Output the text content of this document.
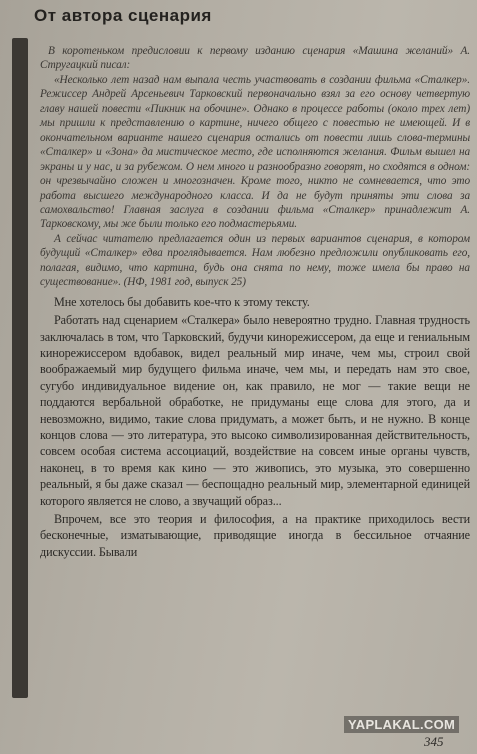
От автора сценария

В коротеньком предисловии к первому изданию сценария «Машина желаний» А. Стругацкий писал:

«Несколько лет назад нам выпала честь участвовать в создании фильма «Сталкер». Режиссер Андрей Арсеньевич Тарковский первоначально взял за его основу четвертую главу нашей повести «Пикник на обочине». Однако в процессе работы (около трех лет) мы пришли к представлению о картине, ничего общего с повестью не имеющей. И в окончательном варианте нашего сценария остались от повести лишь слова-термины «Сталкер» и «Зона» да мистическое место, где исполняются желания. Фильм вышел на экраны и у нас, и за рубежом. О нем много и разнообразно говорят, но сходятся в одном: он чрезвычайно сложен и многозначен. Кроме того, никто не сомневается, что это работа высшего международного класса. И да не будут приняты эти слова за самохвальство! Главная заслуга в создании фильма «Сталкер» принадлежит А. Тарковскому, мы же были только его подмастерьями.

А сейчас читателю предлагается один из первых вариантов сценария, в котором будущий «Сталкер» едва проглядывается. Нам любезно предложили опубликовать его, полагая, видимо, что картина, будь она снята по нему, тоже имела бы право на существование». (НФ, 1981 год, выпуск 25)

Мне хотелось бы добавить кое-что к этому тексту.

Работать над сценарием «Сталкера» было невероятно трудно. Главная трудность заключалась в том, что Тарковский, будучи кинорежиссером, да еще и гениальным кинорежиссером вдобавок, видел реальный мир иначе, чем мы, строил свой воображаемый мир будущего фильма иначе, чем мы, и передать нам это свое, сугубо индивидуальное видение он, как правило, не мог — такие вещи не поддаются вербальной обработке, не придуманы еще слова для этого, да и невозможно, видимо, такие слова придумать, а может быть, и не нужно. В конце концов слова — это литература, это высоко символизированная действительность, совсем особая система ассоциаций, воздействие на совсем иные органы чувств, наконец, в то время как кино — это живопись, это музыка, это совершенно реальный, я бы даже сказал — беспощадно реальный мир, элементарной единицей которого является не слово, а звучащий образ...

Впрочем, все это теория и философия, а на практике приходилось вести бесконечные, изматывающие, приводящие иногда в бессильное отчаяние дискуссии. Бывали

YAPLAKAL.COM
345
